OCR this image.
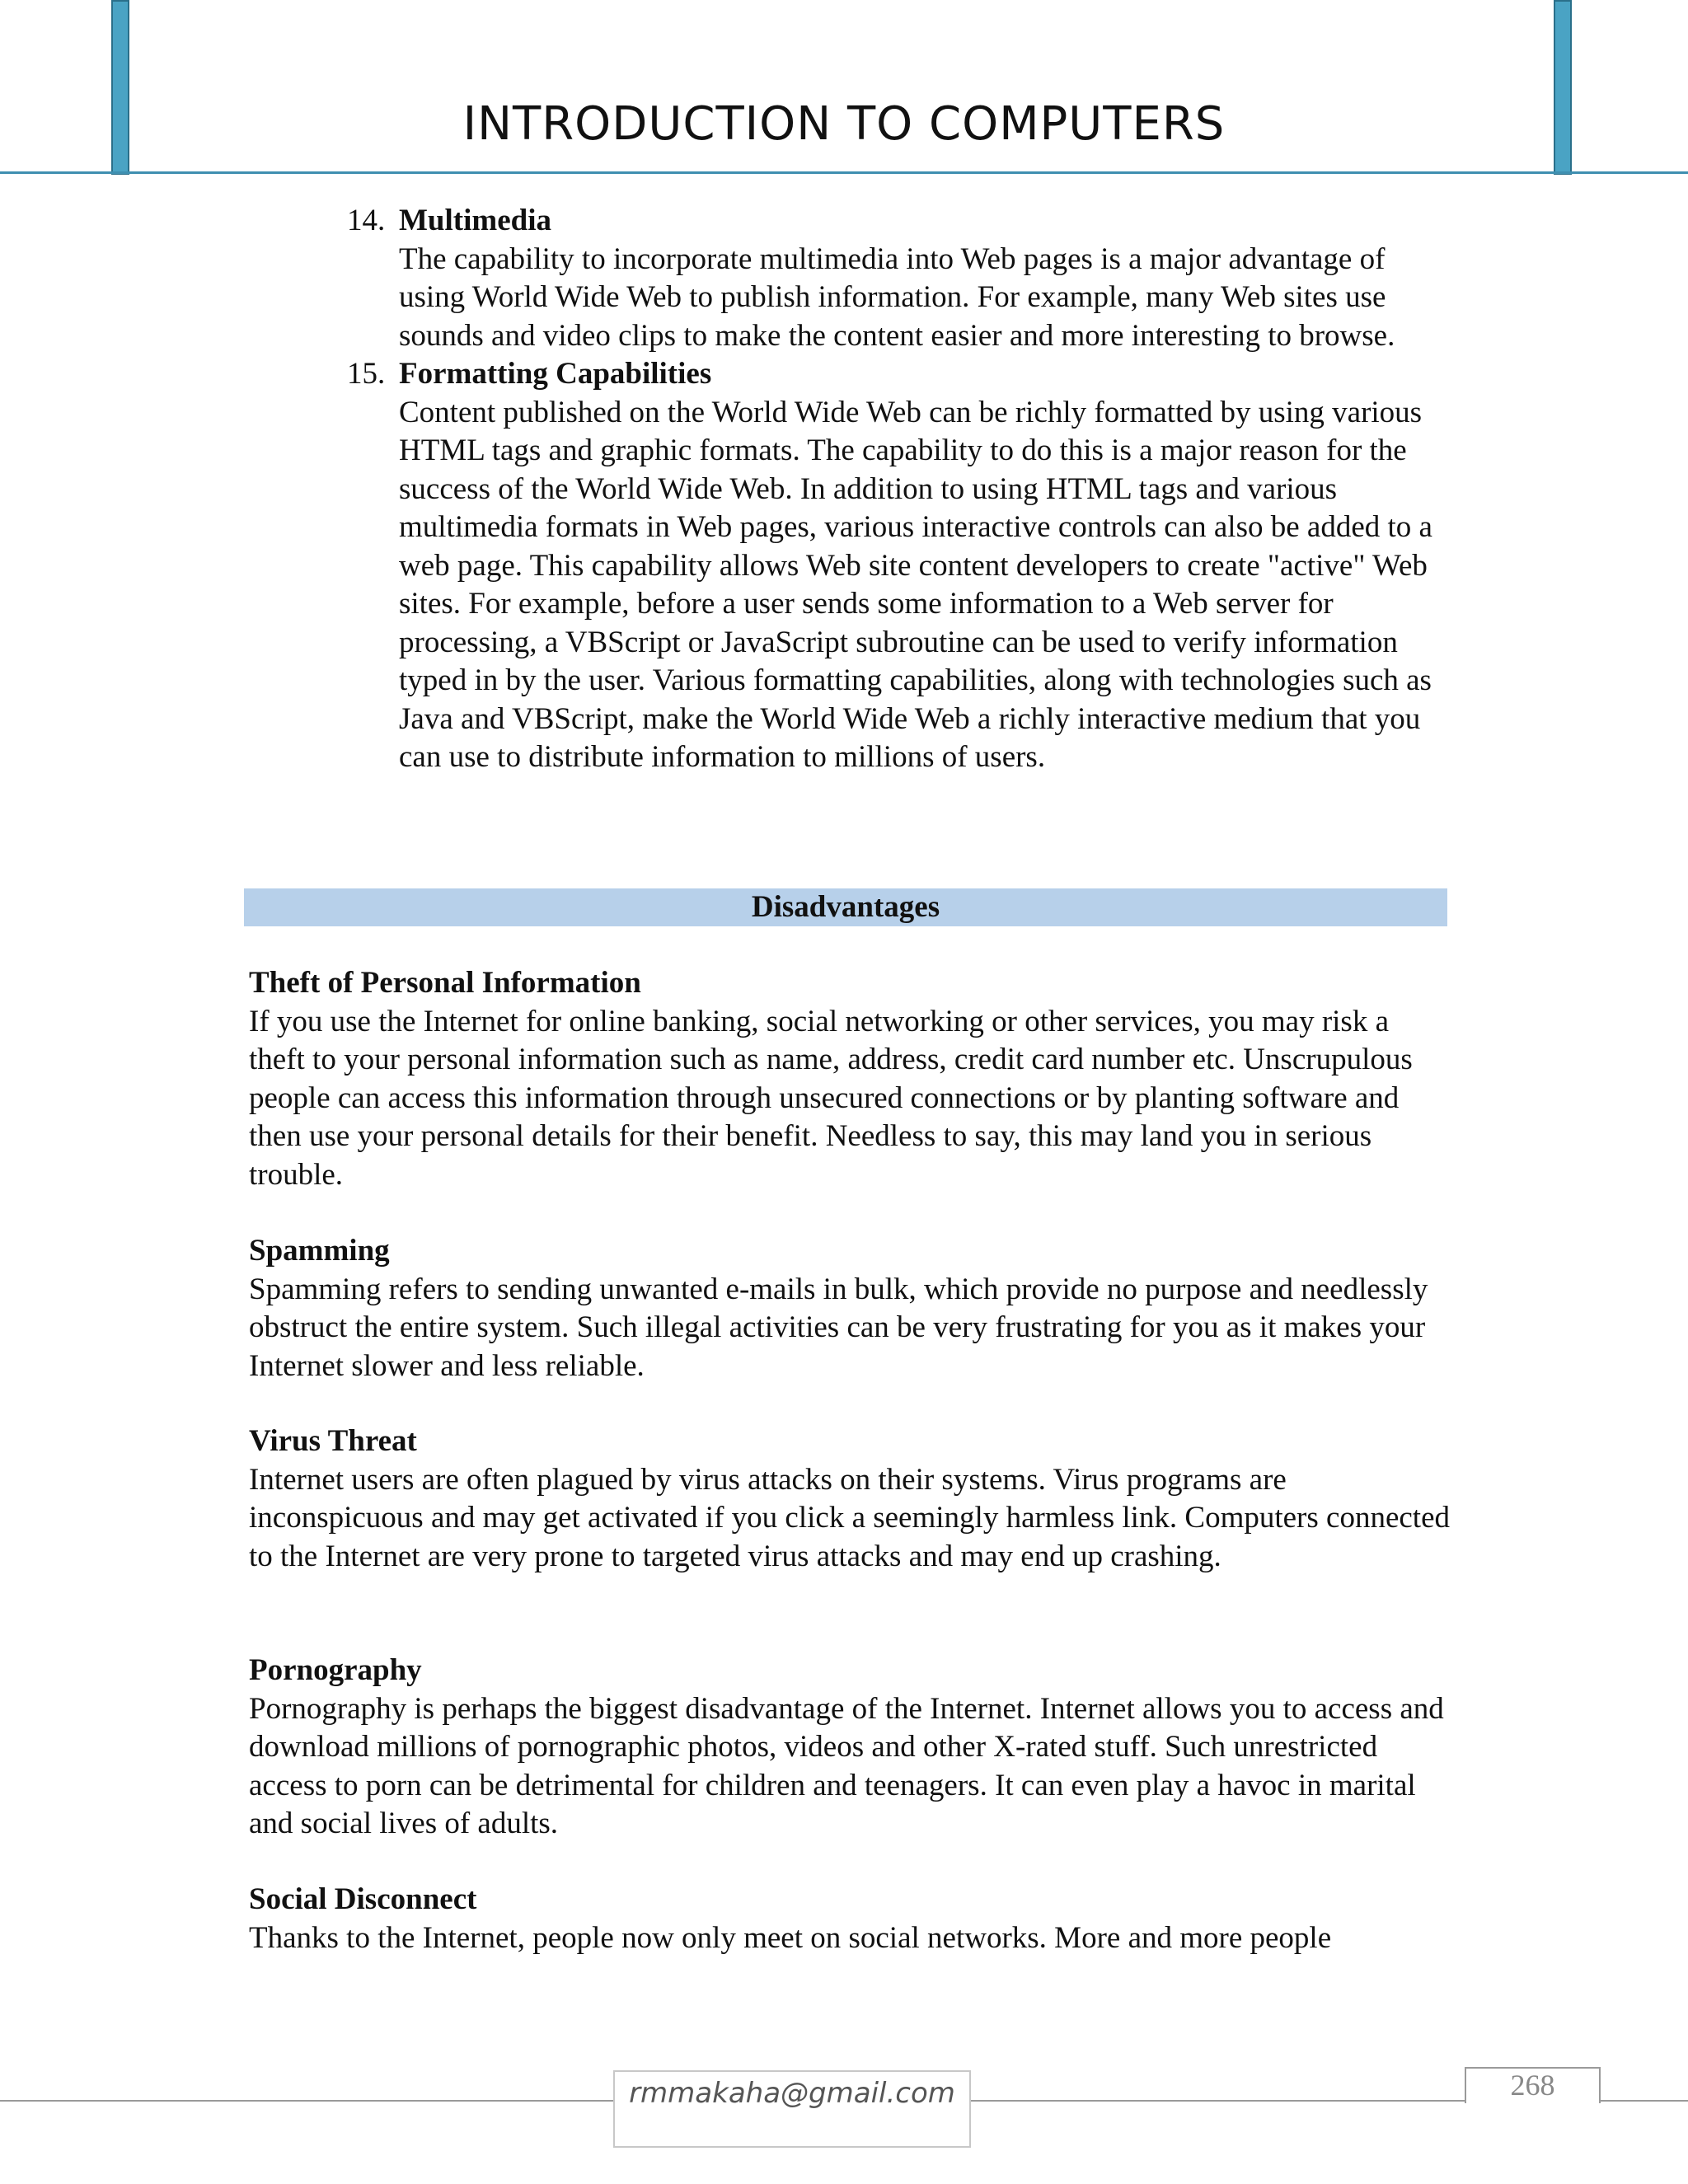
INTRODUCTION TO COMPUTERS
14. Multimedia
The capability to incorporate multimedia into Web pages is a major advantage of using World Wide Web to publish information. For example, many Web sites use sounds and video clips to make the content easier and more interesting to browse.
15. Formatting Capabilities
Content published on the World Wide Web can be richly formatted by using various HTML tags and graphic formats. The capability to do this is a major reason for the success of the World Wide Web. In addition to using HTML tags and various multimedia formats in Web pages, various interactive controls can also be added to a web page. This capability allows Web site content developers to create "active" Web sites. For example, before a user sends some information to a Web server for processing, a VBScript or JavaScript subroutine can be used to verify information typed in by the user. Various formatting capabilities, along with technologies such as Java and VBScript, make the World Wide Web a richly interactive medium that you can use to distribute information to millions of users.
Disadvantages
Theft of Personal Information
If you use the Internet for online banking, social networking or other services, you may risk a theft to your personal information such as name, address, credit card number etc. Unscrupulous people can access this information through unsecured connections or by planting software and then use your personal details for their benefit. Needless to say, this may land you in serious trouble.
Spamming
Spamming refers to sending unwanted e-mails in bulk, which provide no purpose and needlessly obstruct the entire system. Such illegal activities can be very frustrating for you as it makes your Internet slower and less reliable.
Virus Threat
Internet users are often plagued by virus attacks on their systems. Virus programs are inconspicuous and may get activated if you click a seemingly harmless link. Computers connected to the Internet are very prone to targeted virus attacks and may end up crashing.
Pornography
Pornography is perhaps the biggest disadvantage of the Internet. Internet allows you to access and download millions of pornographic photos, videos and other X-rated stuff. Such unrestricted access to porn can be detrimental for children and teenagers. It can even play a havoc in marital and social lives of adults.
Social Disconnect
Thanks to the Internet, people now only meet on social networks. More and more people
rmmakaha@gmail.com	268
